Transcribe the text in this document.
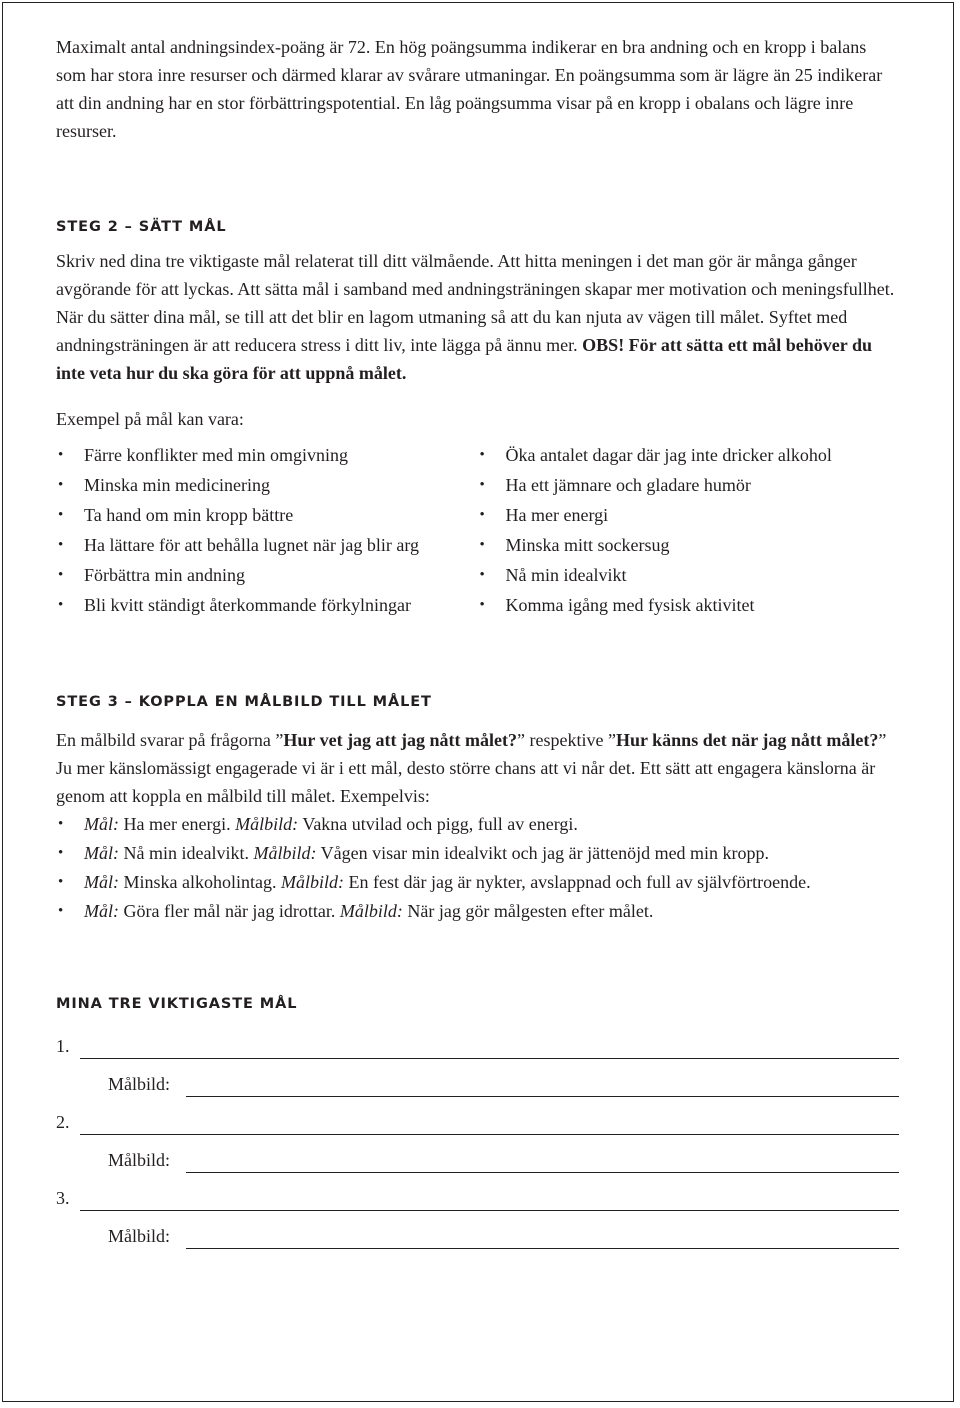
Maximalt antal andningsindex-poäng är 72. En hög poängsumma indikerar en bra andning och en kropp i balans som har stora inre resurser och därmed klarar av svårare utmaningar. En poängsumma som är lägre än 25 indikerar att din andning har en stor förbättringspotential. En låg poängsumma visar på en kropp i obalans och lägre inre resurser.

STEG 2 – SÄTT MÅL

Skriv ned dina tre viktigaste mål relaterat till ditt välmående. Att hitta meningen i det man gör är många gånger avgörande för att lyckas. Att sätta mål i samband med andningsträningen skapar mer motivation och meningsfullhet. När du sätter dina mål, se till att det blir en lagom utmaning så att du kan njuta av vägen till målet. Syftet med andningsträningen är att reducera stress i ditt liv, inte lägga på ännu mer. OBS! För att sätta ett mål behöver du inte veta hur du ska göra för att uppnå målet.

Exempel på mål kan vara:

• Färre konflikter med min omgivning
• Minska min medicinering
• Ta hand om min kropp bättre
• Ha lättare för att behålla lugnet när jag blir arg
• Förbättra min andning
• Bli kvitt ständigt återkommande förkylningar
• Öka antalet dagar där jag inte dricker alkohol
• Ha ett jämnare och gladare humör
• Ha mer energi
• Minska mitt sockersug
• Nå min idealvikt
• Komma igång med fysisk aktivitet
STEG 3 – KOPPLA EN MÅLBILD TILL MÅLET

En målbild svarar på frågorna ”Hur vet jag att jag nått målet?” respektive ”Hur känns det när jag nått målet?” Ju mer känslomässigt engagerade vi är i ett mål, desto större chans att vi når det. Ett sätt att engagera känslorna är genom att koppla en målbild till målet. Exempelvis:

• Mål: Ha mer energi. Målbild: Vakna utvilad och pigg, full av energi.
• Mål: Nå min idealvikt. Målbild: Vågen visar min idealvikt och jag är jättenöjd med min kropp.
• Mål: Minska alkoholintag. Målbild: En fest där jag är nykter, avslappnad och full av självförtroende.
• Mål: Göra fler mål när jag idrottar. Målbild: När jag gör målgesten efter målet.
MINA TRE VIKTIGASTE MÅL
1.
Målbild:
2.
Målbild:
3.
Målbild:
